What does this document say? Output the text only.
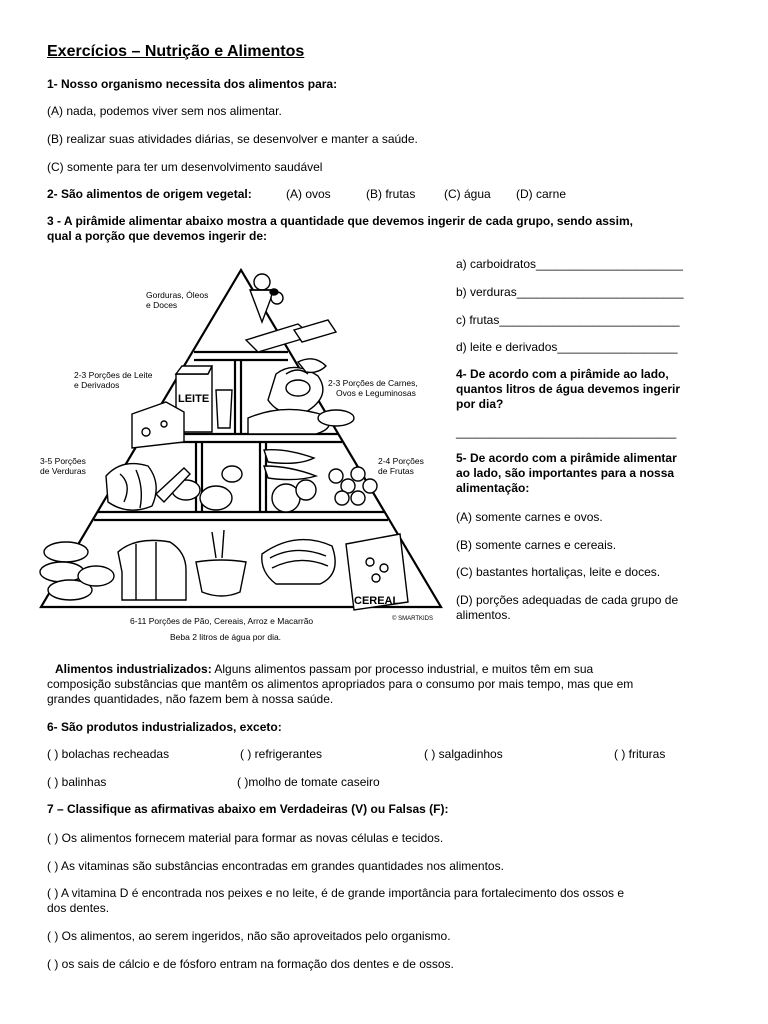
Exercícios – Nutrição e Alimentos
1- Nosso organismo necessita dos alimentos para:
(A) nada, podemos viver sem nos alimentar.
(B) realizar suas atividades diárias, se desenvolver e manter a saúde.
(C) somente para ter um desenvolvimento saudável
2- São alimentos de origem vegetal:	(A) ovos	(B) frutas (C) água (D) carne
3 - A pirâmide alimentar abaixo mostra a quantidade que devemos ingerir de cada grupo, sendo assim,
qual a porção que devemos ingerir de:
a) carboidratos______________________
b) verduras_________________________
c) frutas___________________________
d) leite e derivados__________________
4- De acordo com a pirâmide ao lado,
quantos litros de água devemos ingerir
por dia?
_________________________________
5- De acordo com a pirâmide alimentar
ao lado, são importantes para a nossa
alimentação:
(A) somente carnes e ovos.
(B) somente carnes e cereais.
(C) bastantes hortaliças, leite e doces.
(D) porções adequadas de cada grupo de
alimentos.
LEITE
CEREAL
Gorduras, Óleos
e Doces
2-3 Porções de Leite
e Derivados	2-3 Porções de Carnes,
Ovos e Leguminosas
3-5 Porções
de Verduras
2-4 Porções
de Frutas
6-11 Porções de Pão, Cereais, Arroz e Macarrão
Beba 2 litros de água por dia.
© SMARTKIDS
Alimentos industrializados: Alguns alimentos passam por processo industrial, e muitos têm em sua
composição substâncias que mantêm os alimentos apropriados para o consumo por mais tempo, mas que em
grandes quantidades, não fazem bem à nossa saúde.
6- São produtos industrializados, exceto:
( ) bolachas recheadas	( ) refrigerantes	( ) salgadinhos	( ) frituras
( ) balinhas	( )molho de tomate caseiro
7 – Classifique as afirmativas abaixo em Verdadeiras (V) ou Falsas (F):
( ) Os alimentos fornecem material para formar as novas células e tecidos.
( ) As vitaminas são substâncias encontradas em grandes quantidades nos alimentos.
( ) A vitamina D é encontrada nos peixes e no leite, é de grande importância para fortalecimento dos ossos e
dos dentes.
( ) Os alimentos, ao serem ingeridos, não são aproveitados pelo organismo.
( ) os sais de cálcio e de fósforo entram na formação dos dentes e de ossos.
